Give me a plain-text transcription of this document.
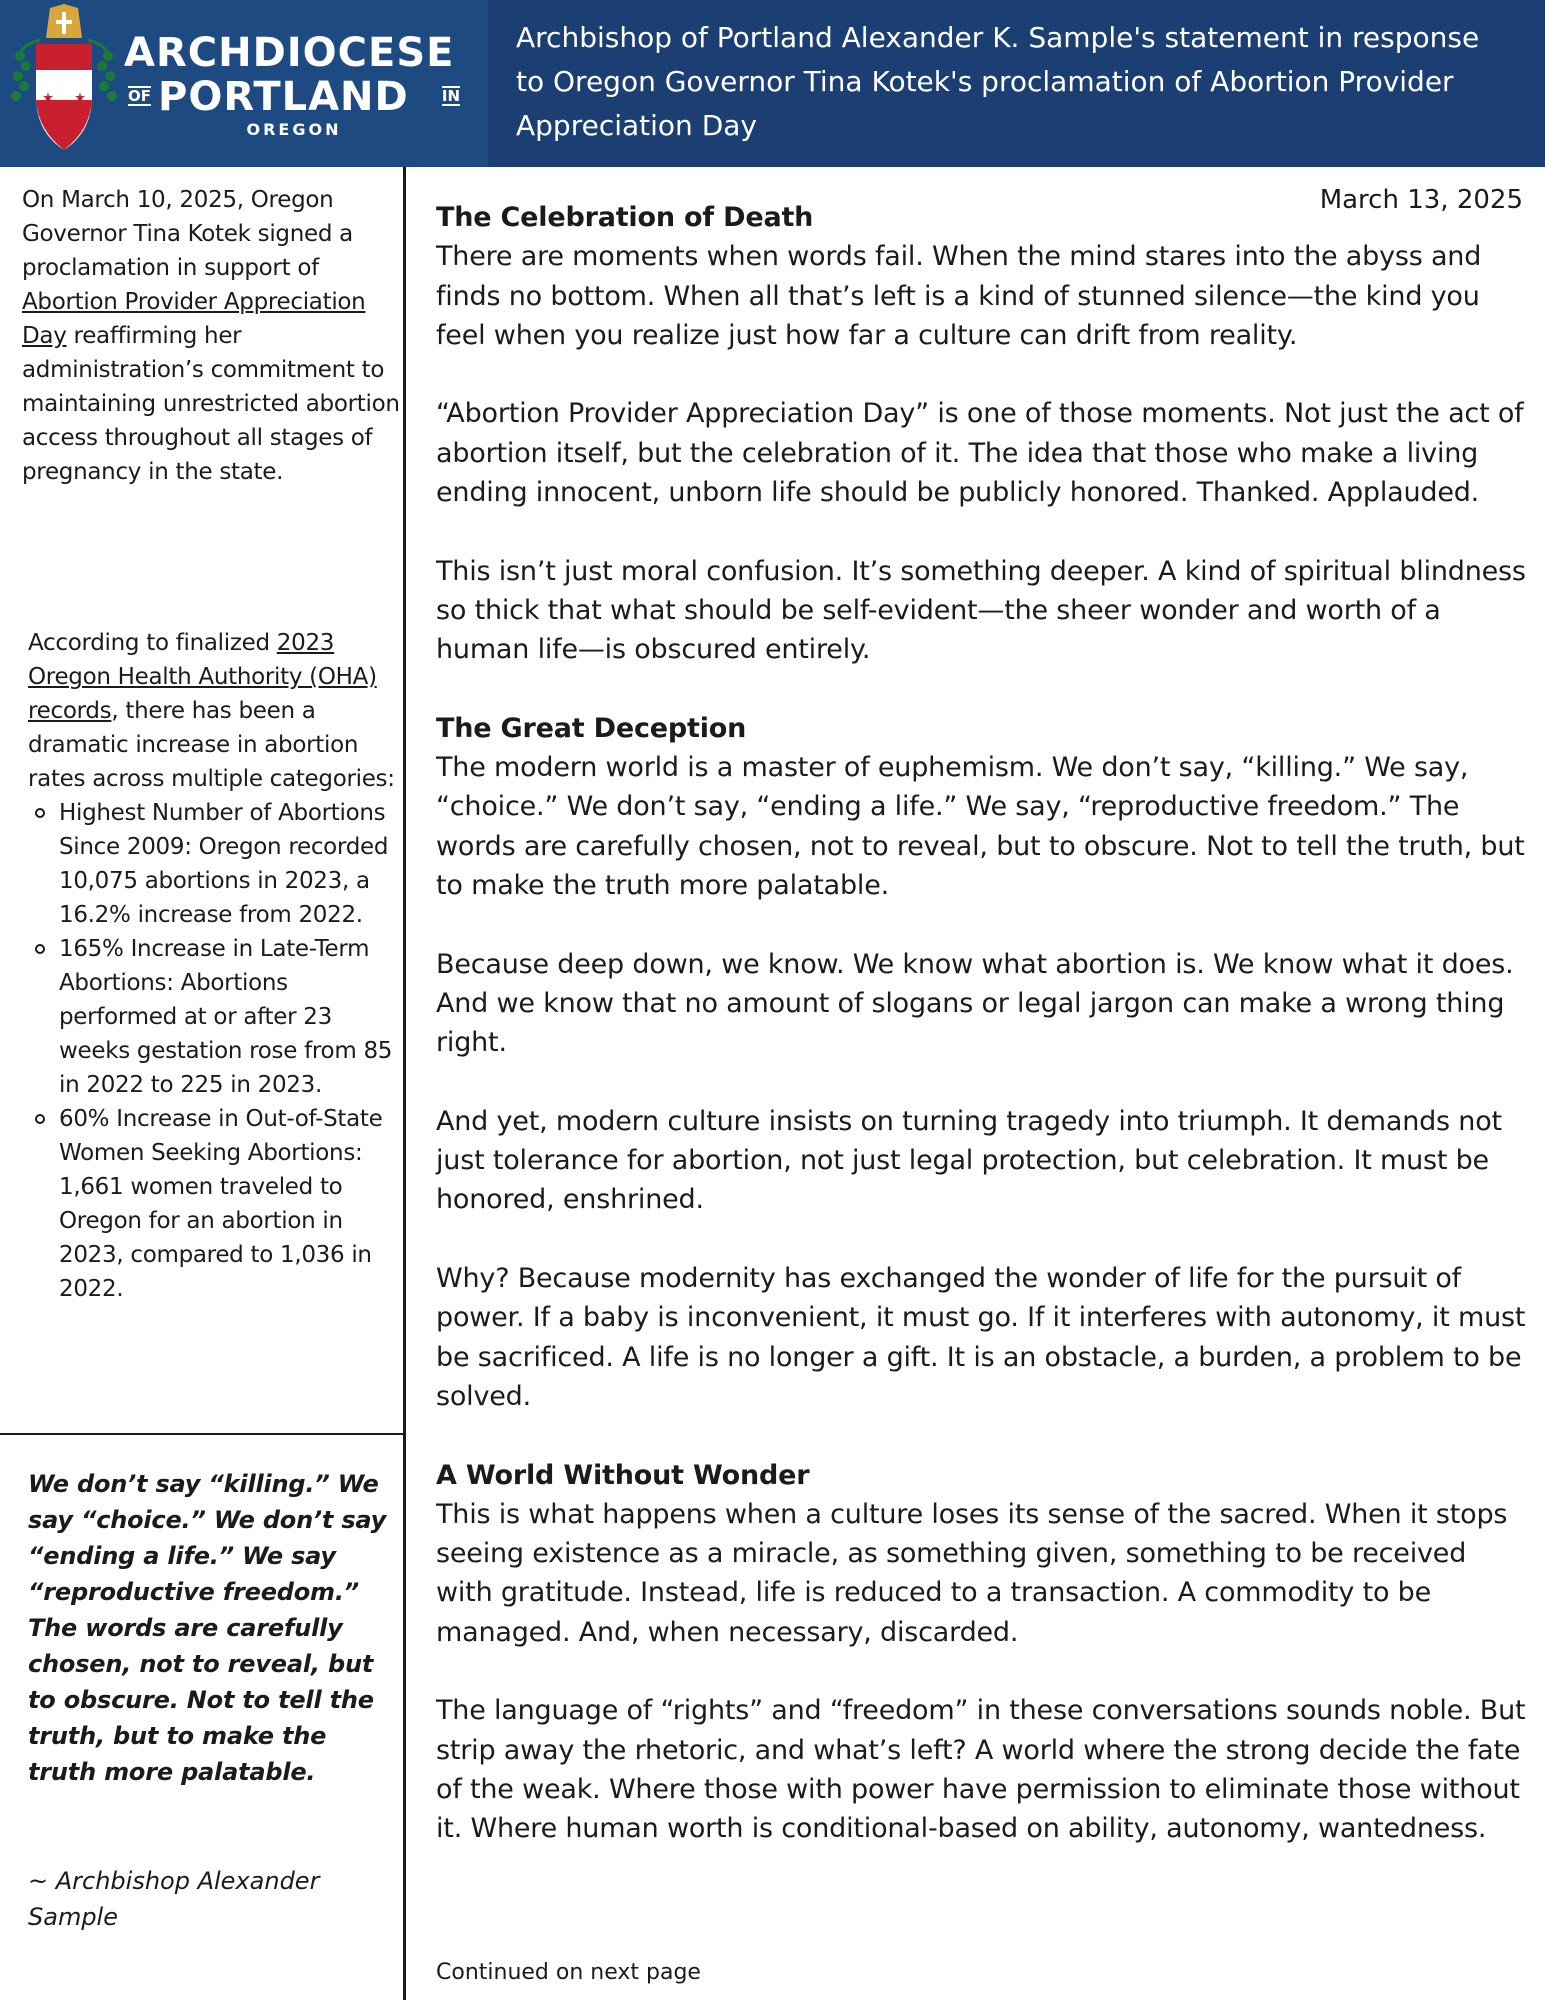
ARCHDIOCESE
OF PORTLAND IN
OREGON
Archbishop of Portland Alexander K. Sample's statement in response to Oregon Governor Tina Kotek's proclamation of Abortion Provider Appreciation Day

On March 10, 2025, Oregon Governor Tina Kotek signed a proclamation in support of Abortion Provider Appreciation Day reaffirming her administration’s commitment to maintaining unrestricted abortion access throughout all stages of pregnancy in the state.

According to finalized 2023 Oregon Health Authority (OHA) records, there has been a dramatic increase in abortion rates across multiple categories:

Highest Number of Abortions Since 2009: Oregon recorded 10,075 abortions in 2023, a 16.2% increase from 2022.
165% Increase in Late-Term Abortions: Abortions performed at or after 23 weeks gestation rose from 85 in 2022 to 225 in 2023.
60% Increase in Out-of-State Women Seeking Abortions: 1,661 women traveled to Oregon for an abortion in 2023, compared to 1,036 in 2022.
We don’t say “killing.” We say “choice.” We don’t say “ending a life.” We say “reproductive freedom.” The words are carefully chosen, not to reveal, but to obscure. Not to tell the truth, but to make the truth more palatable.
~ Archbishop Alexander Sample
March 13, 2025
The Celebration of Death

There are moments when words fail. When the mind stares into the abyss and finds no bottom. When all that’s left is a kind of stunned silence—the kind you feel when you realize just how far a culture can drift from reality.

“Abortion Provider Appreciation Day” is one of those moments. Not just the act of abortion itself, but the celebration of it. The idea that those who make a living ending innocent, unborn life should be publicly honored. Thanked. Applauded.

This isn’t just moral confusion. It’s something deeper. A kind of spiritual blindness so thick that what should be self-evident—the sheer wonder and worth of a human life—is obscured entirely.

The Great Deception

The modern world is a master of euphemism. We don’t say, “killing.” We say, “choice.” We don’t say, “ending a life.” We say, “reproductive freedom.” The words are carefully chosen, not to reveal, but to obscure. Not to tell the truth, but to make the truth more palatable.

Because deep down, we know. We know what abortion is. We know what it does. And we know that no amount of slogans or legal jargon can make a wrong thing right.

And yet, modern culture insists on turning tragedy into triumph. It demands not just tolerance for abortion, not just legal protection, but celebration. It must be honored, enshrined.

Why? Because modernity has exchanged the wonder of life for the pursuit of power. If a baby is inconvenient, it must go. If it interferes with autonomy, it must be sacrificed. A life is no longer a gift. It is an obstacle, a burden, a problem to be solved.

A World Without Wonder

This is what happens when a culture loses its sense of the sacred. When it stops seeing existence as a miracle, as something given, something to be received with gratitude. Instead, life is reduced to a transaction. A commodity to be managed. And, when necessary, discarded.

The language of “rights” and “freedom” in these conversations sounds noble. But strip away the rhetoric, and what’s left? A world where the strong decide the fate of the weak. Where those with power have permission to eliminate those without it. Where human worth is conditional-based on ability, autonomy, wantedness.

Continued on next page
